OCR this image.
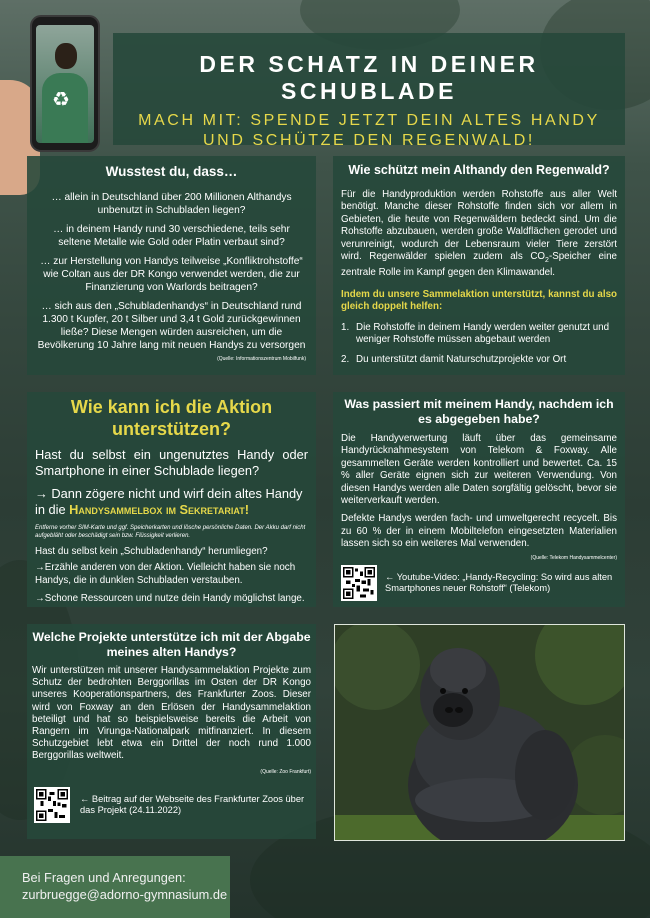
♻
DER SCHATZ IN DEINER SCHUBLADE
MACH MIT: SPENDE JETZT DEIN ALTES HANDY
UND SCHÜTZE DEN REGENWALD!
Wusstest du, dass…

… allein in Deutschland über 200 Millionen Althandys unbenutzt in Schubladen liegen?

… in deinem Handy rund 30 verschiedene, teils sehr seltene Metalle wie Gold oder Platin verbaut sind?

… zur Herstellung von Handys teilweise „Konfliktrohstoffe“ wie Coltan aus der DR Kongo verwendet werden, die zur Finanzierung von Warlords beitragen?

… sich aus den „Schubladenhandys“ in Deutschland rund 1.300 t Kupfer, 20 t Silber und 3,4 t Gold zurückgewinnen ließe? Diese Mengen würden ausreichen, um die Bevölkerung 10 Jahre lang mit neuen Handys zu versorgen

(Quelle: Informationszentrum Mobilfunk)
Wie schützt mein Althandy den Regenwald?

Für die Handyproduktion werden Rohstoffe aus aller Welt benötigt. Manche dieser Rohstoffe finden sich vor allem in Gebieten, die heute von Regenwäldern bedeckt sind. Um die Rohstoffe abzubauen, werden große Waldflächen gerodet und verunreinigt, wodurch der Lebensraum vieler Tiere zerstört wird. Regenwälder spielen zudem als $CO_2$-Speicher eine zentrale Rolle im Kampf gegen den Klimawandel.

Indem du unsere Sammelaktion unterstützt, kannst du also gleich doppelt helfen:

1. Die Rohstoffe in deinem Handy werden weiter genutzt und weniger Rohstoffe müssen abgebaut werden
2. Du unterstützt damit Naturschutzprojekte vor Ort
Wie kann ich die Aktion unterstützen?

Hast du selbst ein ungenutztes Handy oder Smartphone in einer Schublade liegen?

→ Dann zögere nicht und wirf dein altes Handy in die Handysammelbox im Sekretariat!

Entferne vorher SIM-Karte und ggf. Speicherkarten und lösche persönliche Daten. Der Akku darf nicht aufgebläht oder beschädigt sein bzw. Flüssigkeit verlieren.

Hast du selbst kein „Schubladenhandy“ herumliegen?

→Erzähle anderen von der Aktion. Vielleicht haben sie noch Handys, die in dunklen Schubladen verstauben.

→Schone Ressourcen und nutze dein Handy möglichst lange.

Was passiert mit meinem Handy, nachdem ich es abgegeben habe?

Die Handyverwertung läuft über das gemeinsame Handyrücknahmesystem von Telekom & Foxway. Alle gesammelten Geräte werden kontrolliert und bewertet. Ca. 15 % aller Geräte eignen sich zur weiteren Verwendung. Von diesen Handys werden alle Daten sorgfältig gelöscht, bevor sie weiterverkauft werden.

Defekte Handys werden fach- und umweltgerecht recycelt. Bis zu 60 % der in einem Mobiltelefon eingesetzten Materialien lassen sich so ein weiteres Mal verwenden.

(Quelle: Telekom Handysammelcenter)
← Youtube-Video: „Handy-Recycling: So wird aus alten Smartphones neuer Rohstoff“ (Telekom)
Welche Projekte unterstütze ich mit der Abgabe meines alten Handys?

Wir unterstützen mit unserer Handysammelaktion Projekte zum Schutz der bedrohten Berggorillas im Osten der DR Kongo unseres Kooperationspartners, des Frankfurter Zoos. Dieser wird von Foxway an den Erlösen der Handysammelaktion beteiligt und hat so beispielsweise bereits die Arbeit von Rangern im Virunga-Nationalpark mitfinanziert. In diesem Schutzgebiet lebt etwa ein Drittel der noch rund 1.000 Berggorillas weltweit.

(Quelle: Zoo Frankfurt)
← Beitrag auf der Webseite des Frankfurter Zoos über das Projekt (24.11.2022)
Bei Fragen und Anregungen:
zurbruegge@adorno-gymnasium.de
